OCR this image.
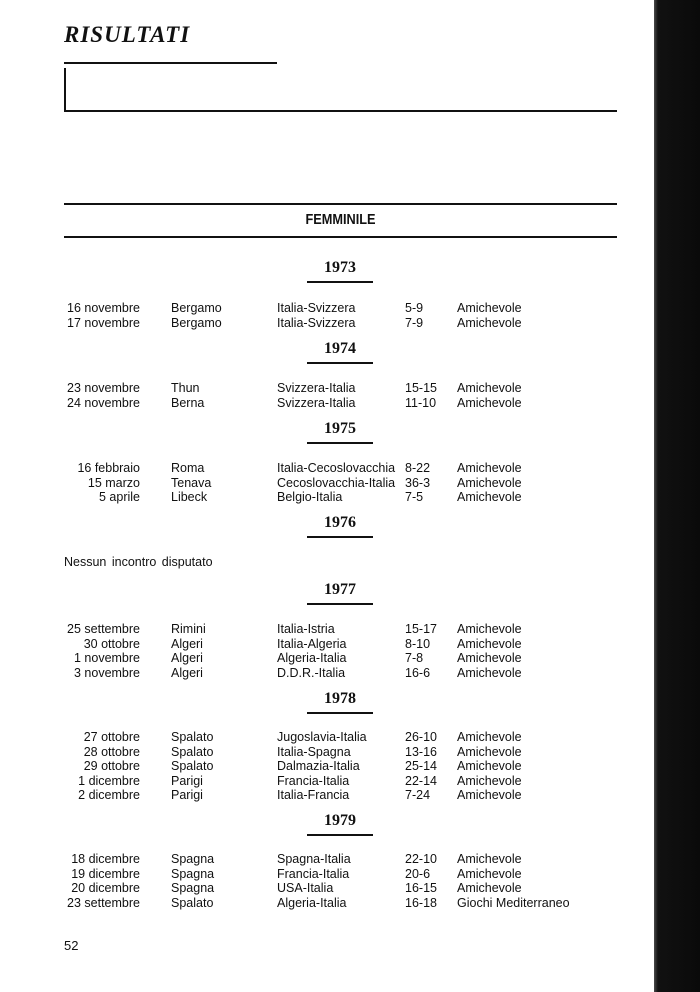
RISULTATI
FEMMINILE
1973
1974
1975
1976
Nessun incontro disputato
1977
1978
1979
16 novembre Bergamo	Italia-Svizzera	5-9	Amichevole
17 novembre Bergamo	Italia-Svizzera	7-9	Amichevole
23 novembre Thun	Svizzera-Italia	15-15 Amichevole
24 novembre Berna	Svizzera-Italia	11-10 Amichevole
16 febbraio Roma	Italia-Cecoslovacchia 8-22 Amichevole
15 marzo Tenava	Cecoslovacchia-Italia 36-3 Amichevole
5 aprile Libeck	Belgio-Italia	7-5	Amichevole
25 settembre Rimini	Italia-Istria	15-17 Amichevole
30 ottobre Algeri	Italia-Algeria	8-10 Amichevole
1 novembre Algeri	Algeria-Italia	7-8	Amichevole
3 novembre Algeri	D.D.R.-Italia	16-6 Amichevole
27 ottobre Spalato	Jugoslavia-Italia	26-10 Amichevole
28 ottobre Spalato	Italia-Spagna	13-16 Amichevole
29 ottobre Spalato	Dalmazia-Italia	25-14 Amichevole
1 dicembre Parigi	Francia-Italia	22-14 Amichevole
2 dicembre Parigi	Italia-Francia	7-24 Amichevole
18 dicembre Spagna	Spagna-Italia	22-10 Amichevole
19 dicembre Spagna	Francia-Italia	20-6 Amichevole
20 dicembre Spagna	USA-Italia	16-15 Amichevole
23 settembre Spalato	Algeria-Italia	16-18 Giochi Mediterraneo
52
